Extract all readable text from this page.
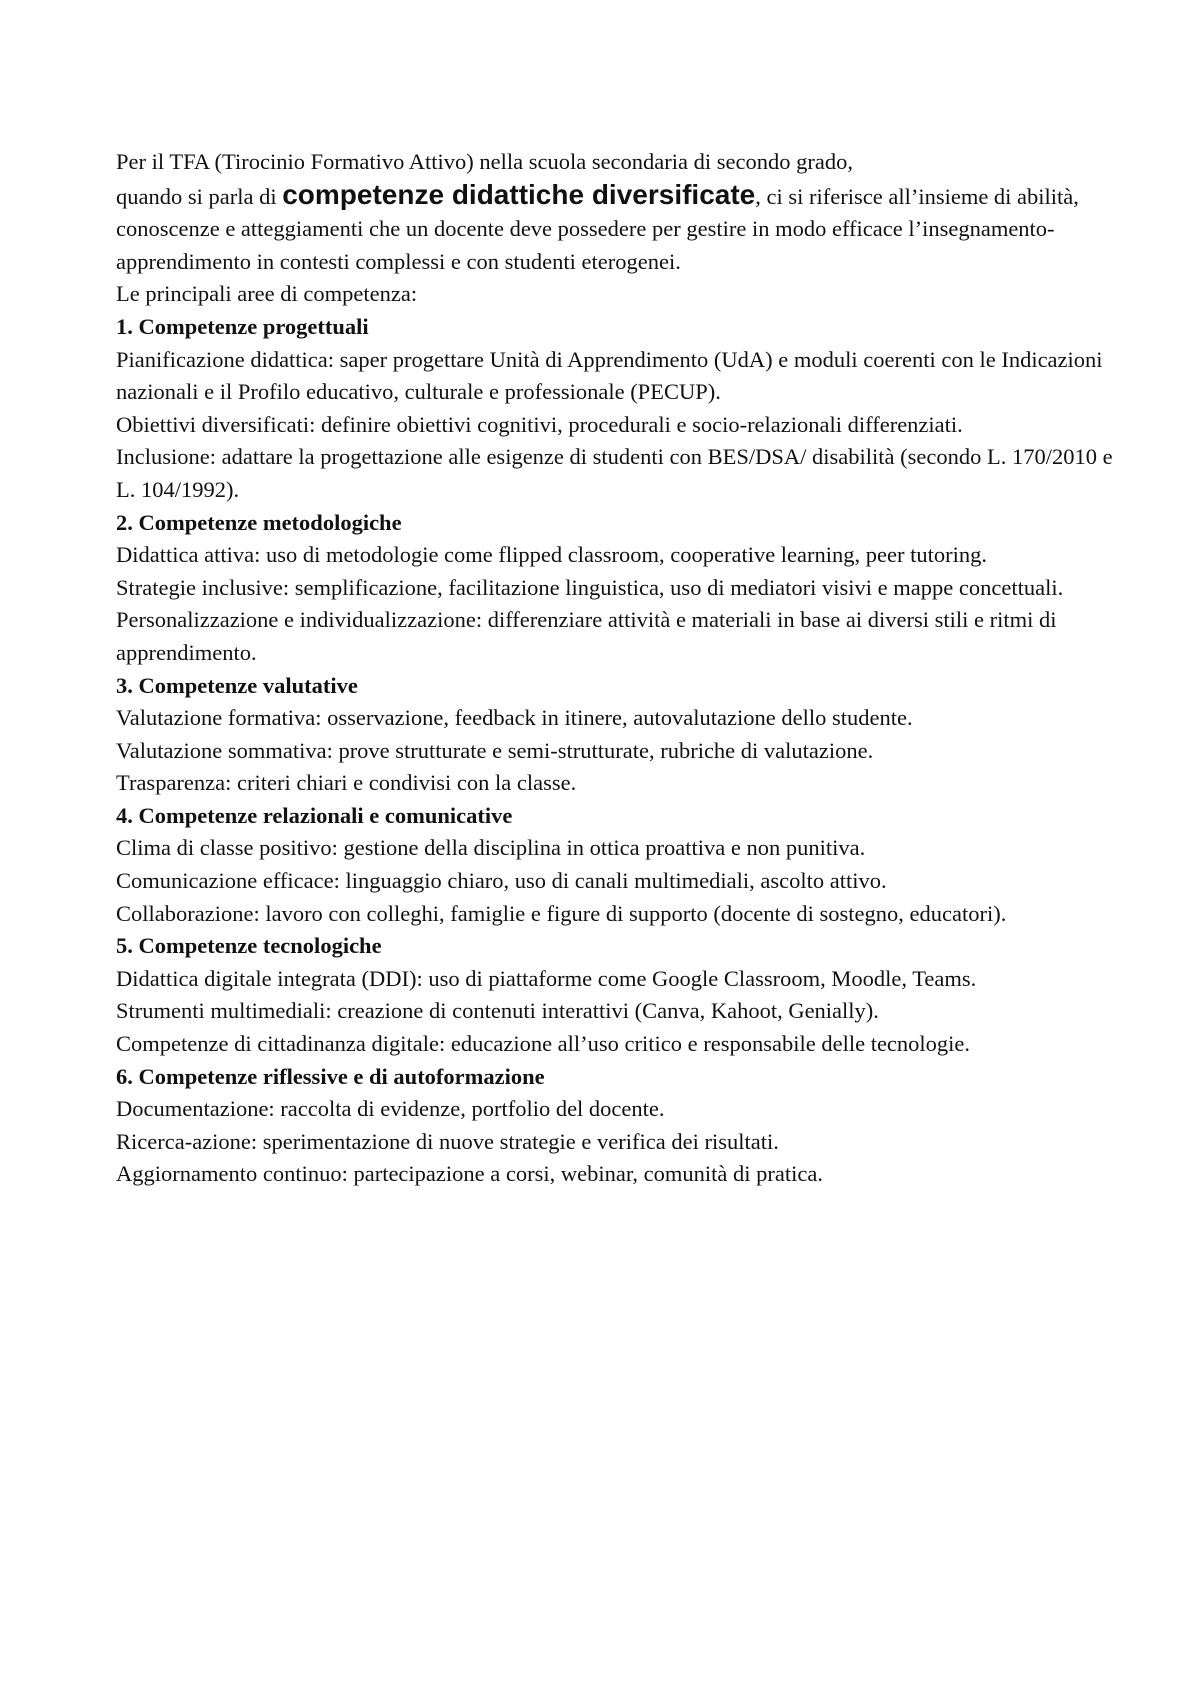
Per il TFA (Tirocinio Formativo Attivo) nella scuola secondaria di secondo grado,
quando si parla di competenze didattiche diversificate, ci si riferisce all’insieme di abilità, conoscenze e atteggiamenti che un docente deve possedere per gestire in modo efficace l’insegnamento-apprendimento in contesti complessi e con studenti eterogenei.

Le principali aree di competenza:

1. Competenze progettuali

Pianificazione didattica: saper progettare Unità di Apprendimento (UdA) e moduli coerenti con le Indicazioni nazionali e il Profilo educativo, culturale e professionale (PECUP).

Obiettivi diversificati: definire obiettivi cognitivi, procedurali e socio-relazionali differenziati.

Inclusione: adattare la progettazione alle esigenze di studenti con BES/DSA/ disabilità (secondo L. 170/2010 e L. 104/1992).

2. Competenze metodologiche

Didattica attiva: uso di metodologie come flipped classroom, cooperative learning, peer tutoring.

Strategie inclusive: semplificazione, facilitazione linguistica, uso di mediatori visivi e mappe concettuali.

Personalizzazione e individualizzazione: differenziare attività e materiali in base ai diversi stili e ritmi di apprendimento.

3. Competenze valutative

Valutazione formativa: osservazione, feedback in itinere, autovalutazione dello studente.

Valutazione sommativa: prove strutturate e semi-strutturate, rubriche di valutazione.

Trasparenza: criteri chiari e condivisi con la classe.

4. Competenze relazionali e comunicative

Clima di classe positivo: gestione della disciplina in ottica proattiva e non punitiva.

Comunicazione efficace: linguaggio chiaro, uso di canali multimediali, ascolto attivo.

Collaborazione: lavoro con colleghi, famiglie e figure di supporto (docente di sostegno, educatori).

5. Competenze tecnologiche

Didattica digitale integrata (DDI): uso di piattaforme come Google Classroom, Moodle, Teams.

Strumenti multimediali: creazione di contenuti interattivi (Canva, Kahoot, Genially).

Competenze di cittadinanza digitale: educazione all’uso critico e responsabile delle tecnologie.

6. Competenze riflessive e di autoformazione

Documentazione: raccolta di evidenze, portfolio del docente.

Ricerca-azione: sperimentazione di nuove strategie e verifica dei risultati.

Aggiornamento continuo: partecipazione a corsi, webinar, comunità di pratica.
